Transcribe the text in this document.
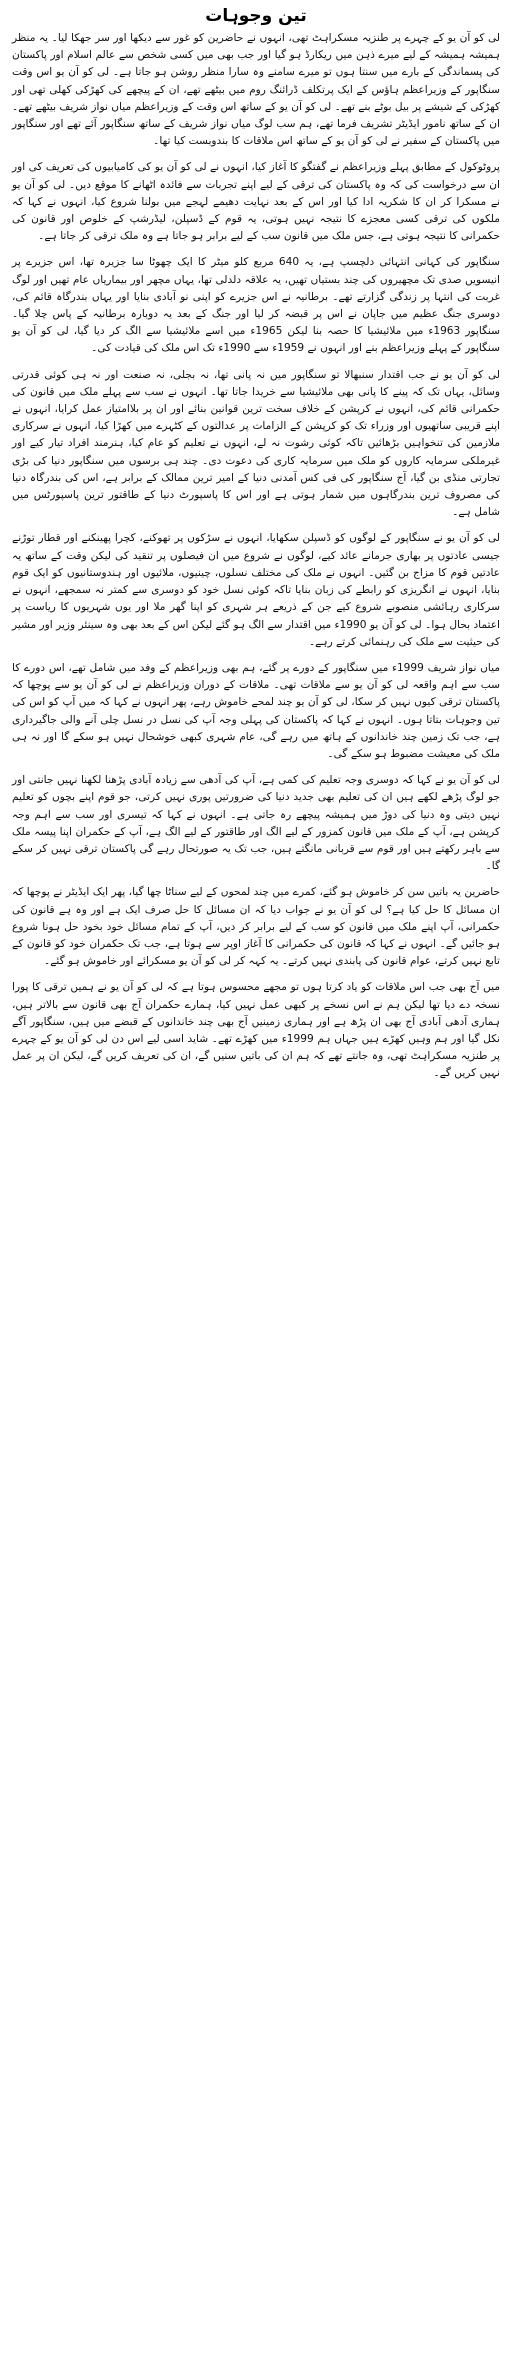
تین وجوہات

لی کو آن یو کے چہرے پر طنزیہ مسکراہٹ تھی، انہوں نے حاضرین کو غور سے دیکھا اور سر جھکا لیا۔ یہ منظر ہمیشہ ہمیشہ کے لیے میرے ذہن میں ریکارڈ ہو گیا اور جب بھی میں کسی شخص سے عالم اسلام اور پاکستان کی پسماندگی کے بارے میں سنتا ہوں تو میرے سامنے وہ سارا منظر روشن ہو جاتا ہے۔ لی کو آن یو اس وقت سنگاپور کے وزیراعظم ہاؤس کے ایک پرتکلف ڈرائنگ روم میں بیٹھے تھے، ان کے پیچھے کی کھڑکی کھلی تھی اور کھڑکی کے شیشے پر بیل بوٹے بنے تھے۔ لی کو آن یو کے ساتھ اس وقت کے وزیراعظم میاں نواز شریف بیٹھے تھے۔ ان کے ساتھ نامور ایڈیٹر تشریف فرما تھے، ہم سب لوگ میاں نواز شریف کے ساتھ سنگاپور آئے تھے اور سنگاپور میں پاکستان کے سفیر نے لی کو آن یو کے ساتھ اس ملاقات کا بندوبست کیا تھا۔

پروٹوکول کے مطابق پہلے وزیراعظم نے گفتگو کا آغاز کیا، انہوں نے لی کو آن یو کی کامیابیوں کی تعریف کی اور ان سے درخواست کی کہ وہ پاکستان کی ترقی کے لیے اپنے تجربات سے فائدہ اٹھانے کا موقع دیں۔ لی کو آن یو نے مسکرا کر ان کا شکریہ ادا کیا اور اس کے بعد نہایت دھیمے لہجے میں بولنا شروع کیا، انہوں نے کہا کہ ملکوں کی ترقی کسی معجزے کا نتیجہ نہیں ہوتی، یہ قوم کے ڈسپلن، لیڈرشپ کے خلوص اور قانون کی حکمرانی کا نتیجہ ہوتی ہے، جس ملک میں قانون سب کے لیے برابر ہو جاتا ہے وہ ملک ترقی کر جاتا ہے۔

سنگاپور کی کہانی انتہائی دلچسپ ہے، یہ 640 مربع کلو میٹر کا ایک چھوٹا سا جزیرہ تھا، اس جزیرے پر انیسویں صدی تک مچھیروں کی چند بستیاں تھیں، یہ علاقہ دلدلی تھا، یہاں مچھر اور بیماریاں عام تھیں اور لوگ غربت کی انتہا پر زندگی گزارتے تھے۔ برطانیہ نے اس جزیرے کو اپنی نو آبادی بنایا اور یہاں بندرگاہ قائم کی، دوسری جنگ عظیم میں جاپان نے اس پر قبضہ کر لیا اور جنگ کے بعد یہ دوبارہ برطانیہ کے پاس چلا گیا۔ سنگاپور 1963ء میں ملائیشیا کا حصہ بنا لیکن 1965ء میں اسے ملائیشیا سے الگ کر دیا گیا، لی کو آن یو سنگاپور کے پہلے وزیراعظم بنے اور انہوں نے 1959ء سے 1990ء تک اس ملک کی قیادت کی۔

لی کو آن یو نے جب اقتدار سنبھالا تو سنگاپور میں نہ پانی تھا، نہ بجلی، نہ صنعت اور نہ ہی کوئی قدرتی وسائل، یہاں تک کہ پینے کا پانی بھی ملائیشیا سے خریدا جاتا تھا۔ انہوں نے سب سے پہلے ملک میں قانون کی حکمرانی قائم کی، انہوں نے کرپشن کے خلاف سخت ترین قوانین بنائے اور ان پر بلاامتیاز عمل کرایا، انہوں نے اپنے قریبی ساتھیوں اور وزراء تک کو کرپشن کے الزامات پر عدالتوں کے کٹہرے میں کھڑا کیا، انہوں نے سرکاری ملازمین کی تنخواہیں بڑھائیں تاکہ کوئی رشوت نہ لے، انہوں نے تعلیم کو عام کیا، ہنرمند افراد تیار کیے اور غیرملکی سرمایہ کاروں کو ملک میں سرمایہ کاری کی دعوت دی۔ چند ہی برسوں میں سنگاپور دنیا کی بڑی تجارتی منڈی بن گیا، آج سنگاپور کی فی کس آمدنی دنیا کے امیر ترین ممالک کے برابر ہے، اس کی بندرگاہ دنیا کی مصروف ترین بندرگاہوں میں شمار ہوتی ہے اور اس کا پاسپورٹ دنیا کے طاقتور ترین پاسپورٹس میں شامل ہے۔

لی کو آن یو نے سنگاپور کے لوگوں کو ڈسپلن سکھایا، انہوں نے سڑکوں پر تھوکنے، کچرا پھینکنے اور قطار توڑنے جیسی عادتوں پر بھاری جرمانے عائد کیے، لوگوں نے شروع میں ان فیصلوں پر تنقید کی لیکن وقت کے ساتھ یہ عادتیں قوم کا مزاج بن گئیں۔ انہوں نے ملک کی مختلف نسلوں، چینیوں، ملائیوں اور ہندوستانیوں کو ایک قوم بنایا، انہوں نے انگریزی کو رابطے کی زبان بنایا تاکہ کوئی نسل خود کو دوسری سے کمتر نہ سمجھے، انہوں نے سرکاری رہائشی منصوبے شروع کیے جن کے ذریعے ہر شہری کو اپنا گھر ملا اور یوں شہریوں کا ریاست پر اعتماد بحال ہوا۔ لی کو آن یو 1990ء میں اقتدار سے الگ ہو گئے لیکن اس کے بعد بھی وہ سینئر وزیر اور مشیر کی حیثیت سے ملک کی رہنمائی کرتے رہے۔

میاں نواز شریف 1999ء میں سنگاپور کے دورے پر گئے، ہم بھی وزیراعظم کے وفد میں شامل تھے، اس دورے کا سب سے اہم واقعہ لی کو آن یو سے ملاقات تھی۔ ملاقات کے دوران وزیراعظم نے لی کو آن یو سے پوچھا کہ پاکستان ترقی کیوں نہیں کر سکا، لی کو آن یو چند لمحے خاموش رہے، پھر انہوں نے کہا کہ میں آپ کو اس کی تین وجوہات بتاتا ہوں۔ انہوں نے کہا کہ پاکستان کی پہلی وجہ آپ کی نسل در نسل چلی آنے والی جاگیرداری ہے، جب تک زمین چند خاندانوں کے ہاتھ میں رہے گی، عام شہری کبھی خوشحال نہیں ہو سکے گا اور نہ ہی ملک کی معیشت مضبوط ہو سکے گی۔

لی کو آن یو نے کہا کہ دوسری وجہ تعلیم کی کمی ہے، آپ کی آدھی سے زیادہ آبادی پڑھنا لکھنا نہیں جانتی اور جو لوگ پڑھے لکھے ہیں ان کی تعلیم بھی جدید دنیا کی ضرورتیں پوری نہیں کرتی، جو قوم اپنے بچوں کو تعلیم نہیں دیتی وہ دنیا کی دوڑ میں ہمیشہ پیچھے رہ جاتی ہے۔ انہوں نے کہا کہ تیسری اور سب سے اہم وجہ کرپشن ہے، آپ کے ملک میں قانون کمزور کے لیے الگ اور طاقتور کے لیے الگ ہے، آپ کے حکمران اپنا پیسہ ملک سے باہر رکھتے ہیں اور قوم سے قربانی مانگتے ہیں، جب تک یہ صورتحال رہے گی پاکستان ترقی نہیں کر سکے گا۔

حاضرین یہ باتیں سن کر خاموش ہو گئے، کمرے میں چند لمحوں کے لیے سناٹا چھا گیا، پھر ایک ایڈیٹر نے پوچھا کہ ان مسائل کا حل کیا ہے؟ لی کو آن یو نے جواب دیا کہ ان مسائل کا حل صرف ایک ہے اور وہ ہے قانون کی حکمرانی، آپ اپنے ملک میں قانون کو سب کے لیے برابر کر دیں، آپ کے تمام مسائل خود بخود حل ہونا شروع ہو جائیں گے۔ انہوں نے کہا کہ قانون کی حکمرانی کا آغاز اوپر سے ہوتا ہے، جب تک حکمران خود کو قانون کے تابع نہیں کرتے، عوام قانون کی پابندی نہیں کرتے۔ یہ کہہ کر لی کو آن یو مسکرائے اور خاموش ہو گئے۔

میں آج بھی جب اس ملاقات کو یاد کرتا ہوں تو مجھے محسوس ہوتا ہے کہ لی کو آن یو نے ہمیں ترقی کا پورا نسخہ دے دیا تھا لیکن ہم نے اس نسخے پر کبھی عمل نہیں کیا، ہمارے حکمران آج بھی قانون سے بالاتر ہیں، ہماری آدھی آبادی آج بھی ان پڑھ ہے اور ہماری زمینیں آج بھی چند خاندانوں کے قبضے میں ہیں، سنگاپور آگے نکل گیا اور ہم وہیں کھڑے ہیں جہاں ہم 1999ء میں کھڑے تھے۔ شاید اسی لیے اس دن لی کو آن یو کے چہرے پر طنزیہ مسکراہٹ تھی، وہ جانتے تھے کہ ہم ان کی باتیں سنیں گے، ان کی تعریف کریں گے، لیکن ان پر عمل نہیں کریں گے۔
